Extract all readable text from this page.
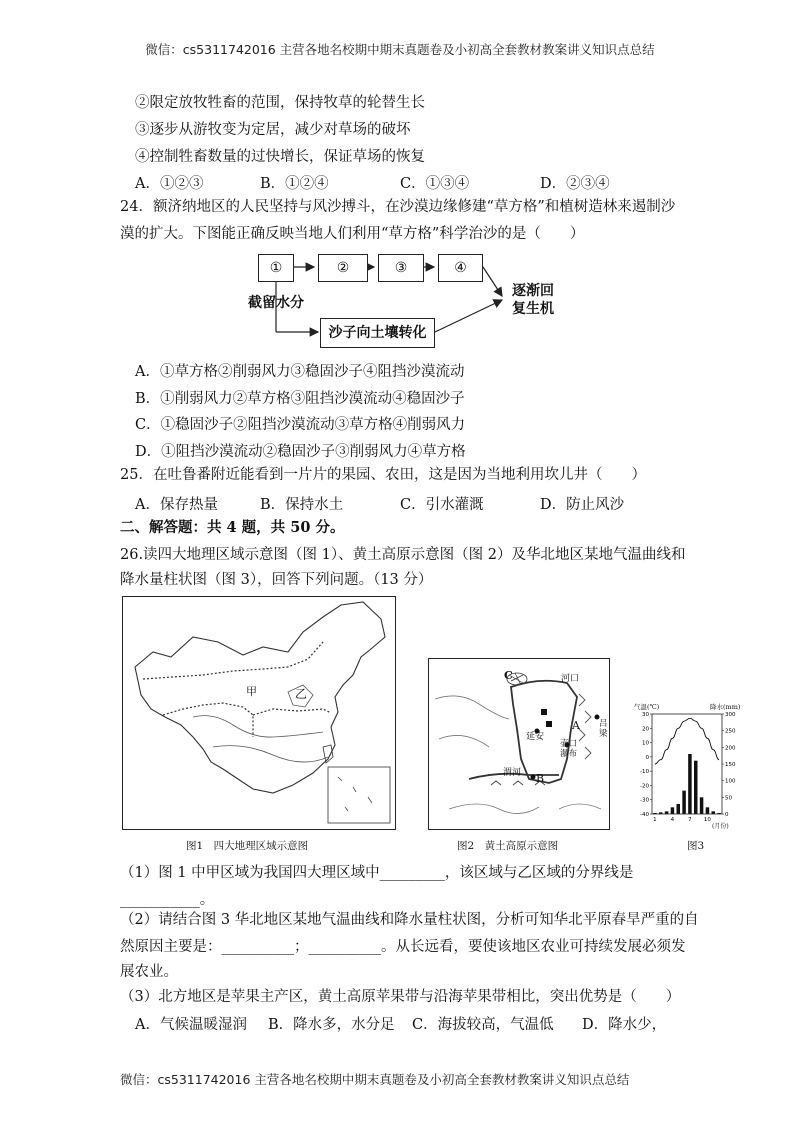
微信：cs5311742016 主营各地名校期中期末真题卷及小初高全套教材教案讲义知识点总结
②限定放牧牲畜的范围，保持牧草的轮替生长
③逐步从游牧变为定居，减少对草场的破坏
④控制牲畜数量的过快增长，保证草场的恢复
A．①②③	B．①②④	C．①③④	D．②③④
24．额济纳地区的人民坚持与风沙搏斗，在沙漠边缘修建“草方格”和植树造林来遏制沙
漠的扩大。下图能正确反映当地人们利用“草方格”科学治沙的是（　　）
①	②	③	④
截留水分
沙子向土壤转化
逐渐回
复生机
A．①草方格②削弱风力③稳固沙子④阻挡沙漠流动
B．①削弱风力②草方格③阻挡沙漠流动④稳固沙子
C．①稳固沙子②阻挡沙漠流动③草方格④削弱风力
D．①阻挡沙漠流动②稳固沙子③削弱风力④草方格
25．在吐鲁番附近能看到一片片的果园、农田，这是因为当地利用坎儿井（　　）
A．保存热量	B．保持水土	C．引水灌溉	D．防止风沙
二、解答题：共 4 题，共 50 分。
26.读四大地理区域示意图（图 1）、黄土高原示意图（图 2）及华北地区某地气温曲线和
降水量柱状图（图 3），回答下列问题。（13 分）
甲	乙
图1　四大地理区域示意图
C	河口
A
延安
壶口
瀑布
吕
梁
渭河 B
图2　黄土高原示意图
气温(℃)	降水(mm)
30
20
10
0
-10
-20
-30
-40
300
250
200
150
100
50
0
1	4	7 10
(月份)
图3
（1）图 1 中甲区域为我国四大理区域中_________，该区域与乙区域的分界线是
___________。
（2）请结合图 3 华北地区某地气温曲线和降水量柱状图，分析可知华北平原春旱严重的自
然原因主要是：__________；__________。从长远看，要使该地区农业可持续发展必须发
展农业。
（3）北方地区是苹果主产区，黄土高原苹果带与沿海苹果带相比，突出优势是（　　）
A．气候温暖湿润 B．降水多，水分足 C．海拔较高，气温低 D．降水少，
微信：cs5311742016 主营各地名校期中期末真题卷及小初高全套教材教案讲义知识点总结
